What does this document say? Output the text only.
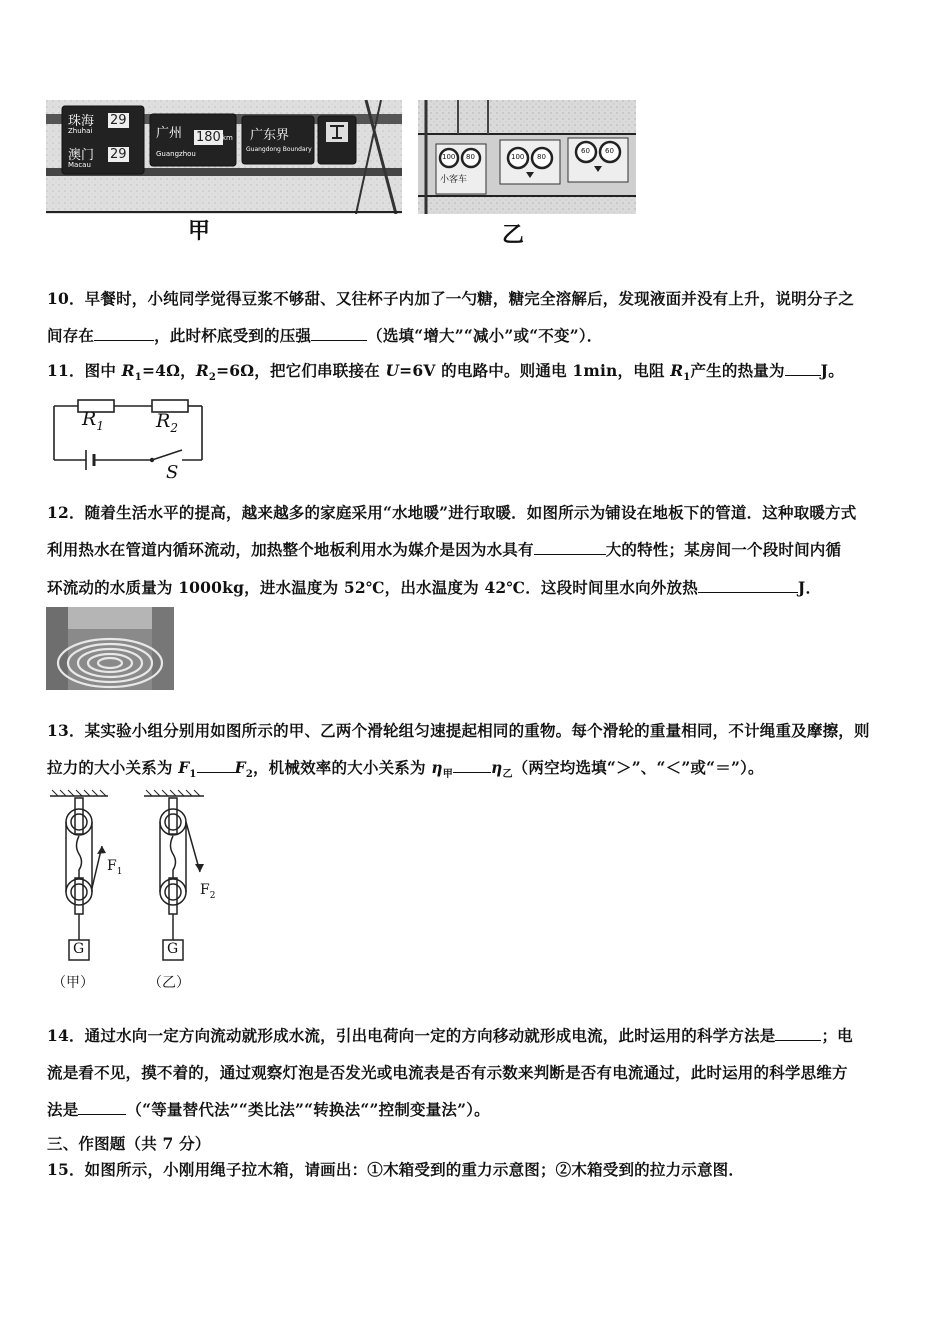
珠海
Zhuhai
29
澳门
Macau
29
广州 180 km
Guangzhou
广东界
Guangdong Boundary
甲
100 80	100 80
60 60
小客车
乙
10．早餐时，小纯同学觉得豆浆不够甜、又往杯子内加了一勺糖，糖完全溶解后，发现液面并没有上升，说明分子之
间存在	，此时杯底受到的压强	（选填“增大”“减小”或“不变”）．
11．图中 $R_1=4\Omega$，$R_2=6\Omega$，把它们串联接在 U=6V 的电路中。则通电 1min，电阻 $R_1$产生的热量为 J。
$R_1$	$R_2$
S
12．随着生活水平的提高，越来越多的家庭采用“水地暖”进行取暖．如图所示为铺设在地板下的管道．这种取暖方式
利用热水在管道内循环流动，加热整个地板利用水为媒介是因为水具有	大的特性；某房间一个段时间内循
环流动的水质量为 1000kg，进水温度为 52℃，出水温度为 42℃．这段时间里水向外放热	J．
13．某实验小组分别用如图所示的甲、乙两个滑轮组匀速提起相同的重物。每个滑轮的重量相同，不计绳重及摩擦，则
拉力的大小关系为 $F_1$ $F_2$，机械效率的大小关系为 $\eta_甲$ $\eta_乙$（两空均选填“＞”、“＜”或“＝”）。
$F_1$
$F_2$
G	G
（甲）	（乙）
14．通过水向一定方向流动就形成水流，引出电荷向一定的方向移动就形成电流，此时运用的科学方法是	；电
流是看不见，摸不着的，通过观察灯泡是否发光或电流表是否有示数来判断是否有电流通过，此时运用的科学思维方
法是	（“等量替代法”“类比法”“转换法“”控制变量法”）。
三、作图题（共 7 分）
15．如图所示，小刚用绳子拉木箱，请画出：①木箱受到的重力示意图；②木箱受到的拉力示意图．
